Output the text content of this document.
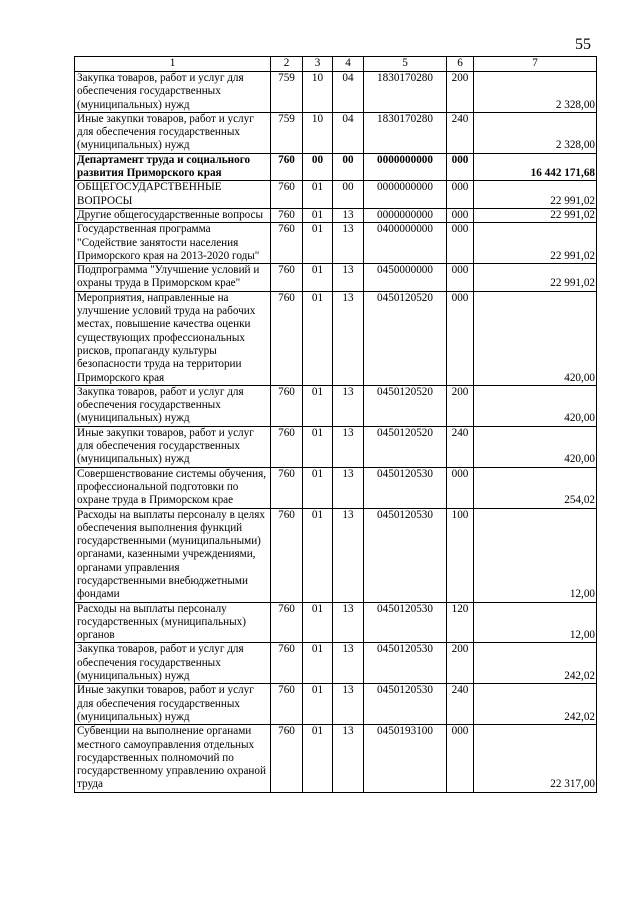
55
1	2	3	4	5	6	7
Закупка товаров, работ и услуг для обеспечения государственных (муниципальных) нужд	759	10	04	1830170280	200	2 328,00
Иные закупки товаров, работ и услуг для обеспечения государственных (муниципальных) нужд	759	10	04	1830170280	240	2 328,00
Департамент труда и социального развития Приморского края	760	00	00	0000000000	000	16 442 171,68
ОБЩЕГОСУДАРСТВЕННЫЕ ВОПРОСЫ	760	01	00	0000000000	000	22 991,02
Другие общегосударственные вопросы	760	01	13	0000000000	000	22 991,02
Государственная программа "Содействие занятости населения Приморского края на 2013-2020 годы"	760	01	13	0400000000	000	22 991,02
Подпрограмма "Улучшение условий и охраны труда в Приморском крае"	760	01	13	0450000000	000	22 991,02
Мероприятия, направленные на улучшение условий труда на рабочих местах, повышение качества оценки существующих профессиональных рисков, пропаганду культуры безопасности труда на территории Приморского края	760	01	13	0450120520	000	420,00
Закупка товаров, работ и услуг для обеспечения государственных (муниципальных) нужд	760	01	13	0450120520	200	420,00
Иные закупки товаров, работ и услуг для обеспечения государственных (муниципальных) нужд	760	01	13	0450120520	240	420,00
Совершенствование системы обучения, профессиональной подготовки по охране труда в Приморском крае	760	01	13	0450120530	000	254,02
Расходы на выплаты персоналу в целях обеспечения выполнения функций государственными (муниципальными) органами, казенными учреждениями, органами управления государственными внебюджетными фондами	760	01	13	0450120530	100	12,00
Расходы на выплаты персоналу государственных (муниципальных) органов	760	01	13	0450120530	120	12,00
Закупка товаров, работ и услуг для обеспечения государственных (муниципальных) нужд	760	01	13	0450120530	200	242,02
Иные закупки товаров, работ и услуг для обеспечения государственных (муниципальных) нужд	760	01	13	0450120530	240	242,02
Субвенции на выполнение органами местного самоуправления отдельных государственных полномочий по государственному управлению охраной труда	760	01	13	0450193100	000	22 317,00
